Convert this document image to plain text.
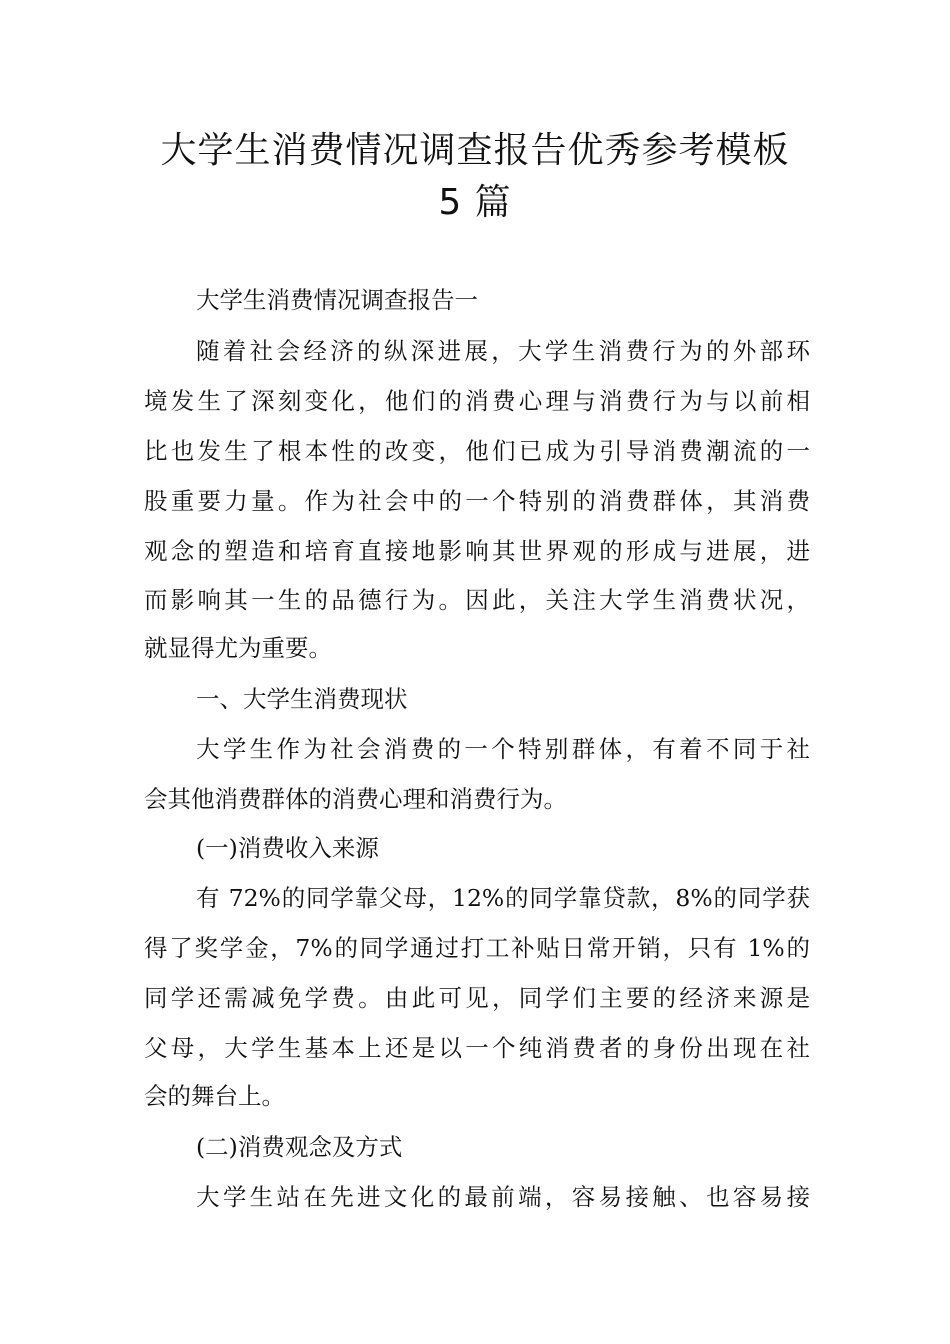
大学生消费情况调查报告优秀参考模板
5 篇
大学生消费情况调查报告一
随着社会经济的纵深进展，大学生消费行为的外部环
境发生了深刻变化，他们的消费心理与消费行为与以前相
比也发生了根本性的改变，他们已成为引导消费潮流的一
股重要力量。作为社会中的一个特别的消费群体，其消费
观念的塑造和培育直接地影响其世界观的形成与进展，进
而影响其一生的品德行为。因此，关注大学生消费状况，
就显得尤为重要。
一、大学生消费现状
大学生作为社会消费的一个特别群体，有着不同于社
会其他消费群体的消费心理和消费行为。
(一)消费收入来源
有 72%的同学靠父母，12%的同学靠贷款，8%的同学获
得了奖学金，7%的同学通过打工补贴日常开销，只有 1%的
同学还需减免学费。由此可见，同学们主要的经济来源是
父母，大学生基本上还是以一个纯消费者的身份出现在社
会的舞台上。
(二)消费观念及方式
大学生站在先进文化的最前端，容易接触、也容易接
